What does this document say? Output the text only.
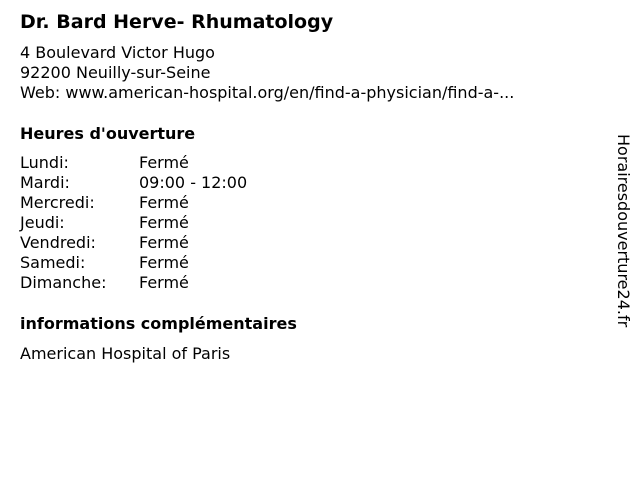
Dr. Bard Herve- Rhumatology
4 Boulevard Victor Hugo
92200 Neuilly-sur-Seine
Web: www.american-hospital.org/en/find-a-physician/find-a-...
Heures d'ouverture
Lundi:	Fermé
Mardi:	09:00 - 12:00
Mercredi:	Fermé
Jeudi:	Fermé
Vendredi:	Fermé
Samedi:	Fermé
Dimanche:	Fermé
informations complémentaires
American Hospital of Paris
Horairesdouverture24.fr
